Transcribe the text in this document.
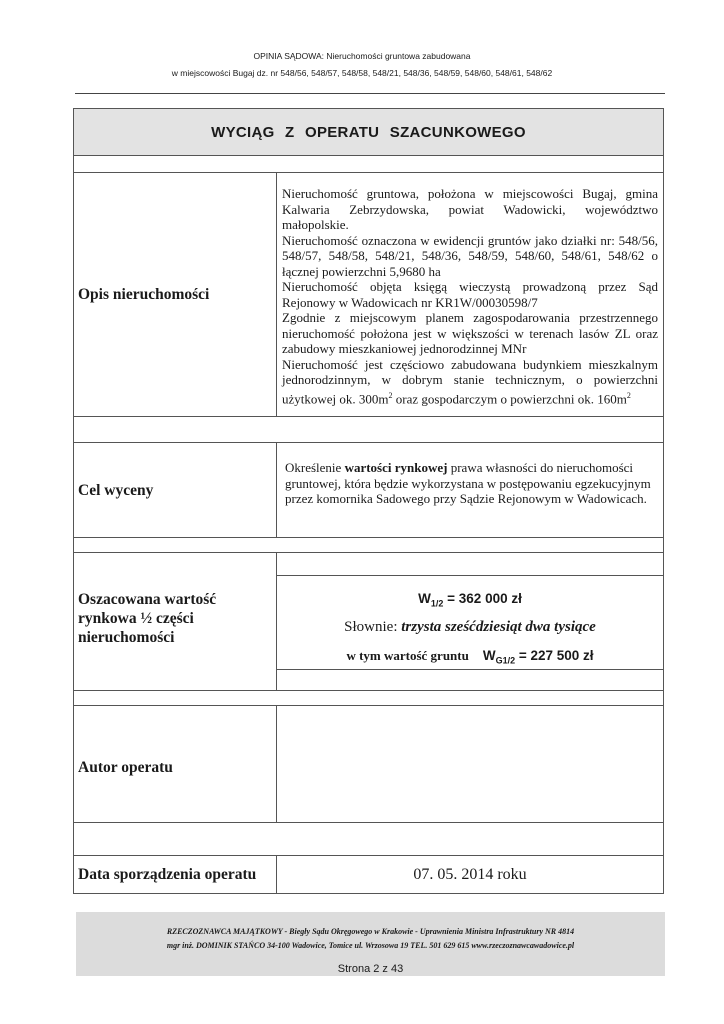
OPINIA SĄDOWA: Nieruchomości gruntowa zabudowana
w miejscowości Bugaj dz. nr 548/56, 548/57, 548/58, 548/21, 548/36, 548/59, 548/60, 548/61, 548/62
WYCIĄG Z OPERATU SZACUNKOWEGO
Opis nieruchomości

Nieruchomość gruntowa, położona w miejscowości Bugaj, gmina Kalwaria Zebrzydowska, powiat Wadowicki, województwo małopolskie.

Nieruchomość oznaczona w ewidencji gruntów jako działki nr: 548/56, 548/57, 548/58, 548/21, 548/36, 548/59, 548/60, 548/61, 548/62 o łącznej powierzchni 5,9680 ha

Nieruchomość objęta księgą wieczystą prowadzoną przez Sąd Rejonowy w Wadowicach nr KR1W/00030598/7

Zgodnie z miejscowym planem zagospodarowania przestrzennego nieruchomość położona jest w większości w terenach lasów ZL oraz zabudowy mieszkaniowej jednorodzinnej MNr

Nieruchomość jest częściowo zabudowana budynkiem mieszkalnym jednorodzinnym, w dobrym stanie technicznym, o powierzchni użytkowej ok. $300m^2$ oraz gospodarczym o powierzchni ok. $160m^2$

Cel wyceny

Określenie wartości rynkowej prawa własności do nieruchomości gruntowej, która będzie wykorzystana w postępowaniu egzekucyjnym przez komornika Sadowego przy Sądzie Rejonowym w Wadowicach.

Oszacowana wartość rynkowa ½ części nieruchomości
$W_{1/2} = 362$ 000 zł
Słownie: trzysta sześćdziesiąt dwa tysiące
w tym wartość gruntu $W_{G1/2} = 227$ 500 zł
Autor operatu
Data sporządzenia operatu	07. 05. 2014 roku
RZECZOZNAWCA MAJĄTKOWY - Biegły Sądu Okręgowego w Krakowie - Uprawnienia Ministra Infrastruktury NR 4814
mgr inż. DOMINIK STAŃCO 34-100 Wadowice, Tomice ul. Wrzosowa 19 TEL. 501 629 615 www.rzeczoznawcawadowice.pl
Strona 2 z 43
